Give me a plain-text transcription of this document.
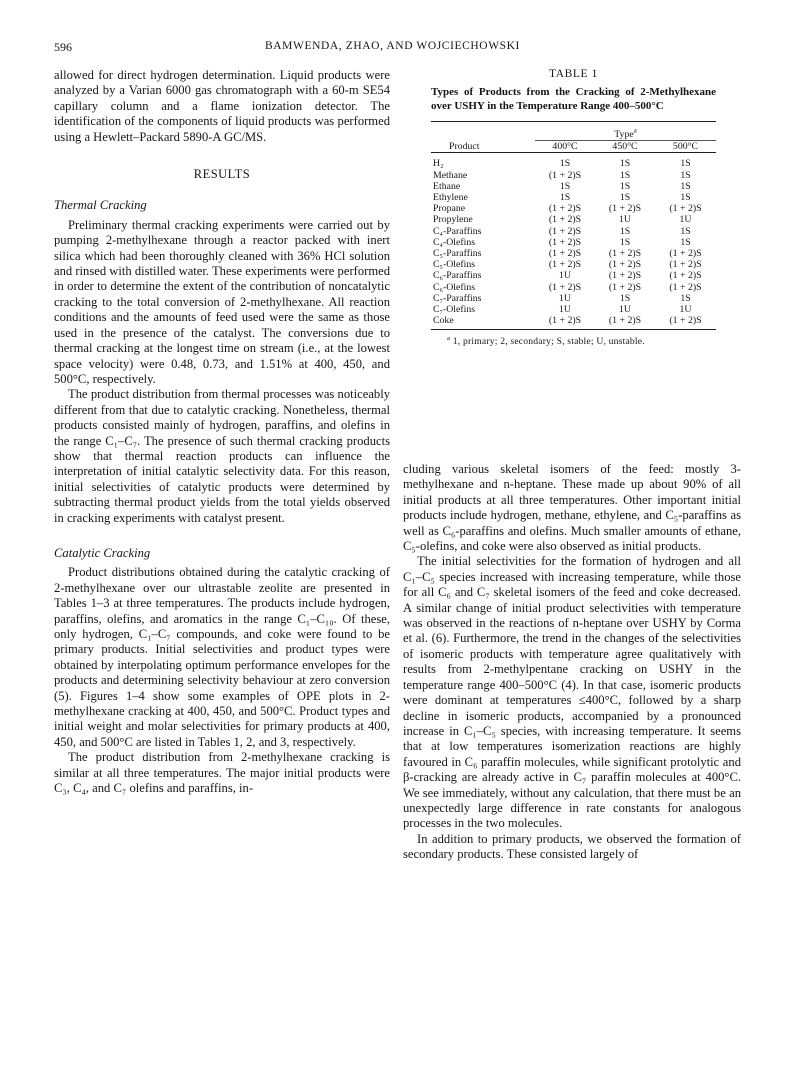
596	BAMWENDA, ZHAO, AND WOJCIECHOWSKI

allowed for direct hydrogen determination. Liquid products were analyzed by a Varian 6000 gas chromatograph with a 60-m SE54 capillary column and a flame ionization detector. The identification of the components of liquid products was performed using a Hewlett–Packard 5890-A GC/MS.

RESULTS
Thermal Cracking

Preliminary thermal cracking experiments were carried out by pumping 2-methylhexane through a reactor packed with inert silica which had been thoroughly cleaned with 36% HCl solution and rinsed with distilled water. These experiments were performed in order to determine the extent of the contribution of noncatalytic cracking to the total conversion of 2-methylhexane. All reaction conditions and the amounts of feed used were the same as those used in the presence of the catalyst. The conversions due to thermal cracking at the longest time on stream (i.e., at the lowest space velocity) were 0.48, 0.73, and 1.51% at 400, 450, and 500°C, respectively.

The product distribution from thermal processes was noticeably different from that due to catalytic cracking. Nonetheless, thermal products consisted mainly of hydrogen, paraffins, and olefins in the range C₁–C₇. The presence of such thermal cracking products show that thermal reaction products can influence the interpretation of initial catalytic selectivity data. For this reason, initial selectivities of catalytic products were determined by subtracting thermal product yields from the total yields observed in cracking experiments with catalyst present.

Catalytic Cracking

Product distributions obtained during the catalytic cracking of 2-methylhexane over our ultrastable zeolite are presented in Tables 1–3 at three temperatures. The products include hydrogen, paraffins, olefins, and aromatics in the range C₁–C₁₀. Of these, only hydrogen, C₁–C₇ compounds, and coke were found to be primary products. Initial selectivities and product types were obtained by interpolating optimum performance envelopes for the products and determining selectivity behaviour at zero conversion (5). Figures 1–4 show some examples of OPE plots in 2-methylhexane cracking at 400, 450, and 500°C. Product types and initial weight and molar selectivities for primary products at 400, 450, and 500°C are listed in Tables 1, 2, and 3, respectively.

The product distribution from 2-methylhexane cracking is similar at all three temperatures. The major initial products were C₃, C₄, and C₇ olefins and paraffins, in-

TABLE 1
Types of Products from the Cracking of 2-Methylhexane over USHY in the Temperature Range 400–500°C

	Type$^a$

Product	400°C	450°C	500°C

H₂	1S	1S	1S
Methane	(1 + 2)S	1S	1S
Ethane	1S	1S	1S
Ethylene	1S	1S	1S
Propane	(1 + 2)S	(1 + 2)S	(1 + 2)S
Propylene	(1 + 2)S	1U	1U
C₄-Paraffins	(1 + 2)S	1S	1S
C₄-Olefins	(1 + 2)S	1S	1S
C₅-Paraffins	(1 + 2)S	(1 + 2)S	(1 + 2)S
C₅-Olefins	(1 + 2)S	(1 + 2)S	(1 + 2)S
C₆-Paraffins	1U	(1 + 2)S	(1 + 2)S
C₆-Olefins	(1 + 2)S	(1 + 2)S	(1 + 2)S
C₇-Paraffins	1U	1S	1S
C₇-Olefins	1U	1U	1U
Coke	(1 + 2)S	(1 + 2)S	(1 + 2)S

$^a$ 1, primary; 2, secondary; S, stable; U, unstable.

cluding various skeletal isomers of the feed: mostly 3-methylhexane and n-heptane. These made up about 90% of all initial products at all three temperatures. Other important initial products include hydrogen, methane, ethylene, and C₅-paraffins as well as C₆-paraffins and olefins. Much smaller amounts of ethane, C₅-olefins, and coke were also observed as initial products.

The initial selectivities for the formation of hydrogen and all C₁–C₅ species increased with increasing temperature, while those for all C₆ and C₇ skeletal isomers of the feed and coke decreased. A similar change of initial product selectivities with temperature was observed in the reactions of n-heptane over USHY by Corma et al. (6). Furthermore, the trend in the changes of the selectivities of isomeric products with temperature agree qualitatively with results from 2-methylpentane cracking on USHY in the temperature range 400–500°C (4). In that case, isomeric products were dominant at temperatures ≤400°C, followed by a sharp decline in isomeric products, accompanied by a pronounced increase in C₁–C₅ species, with increasing temperature. It seems that at low temperatures isomerization reactions are highly favoured in C₆ paraffin molecules, while significant protolytic and β-cracking are already active in C₇ paraffin molecules at 400°C. We see immediately, without any calculation, that there must be an unexpectedly large difference in rate constants for analogous processes in the two molecules.

In addition to primary products, we observed the formation of secondary products. These consisted largely of
